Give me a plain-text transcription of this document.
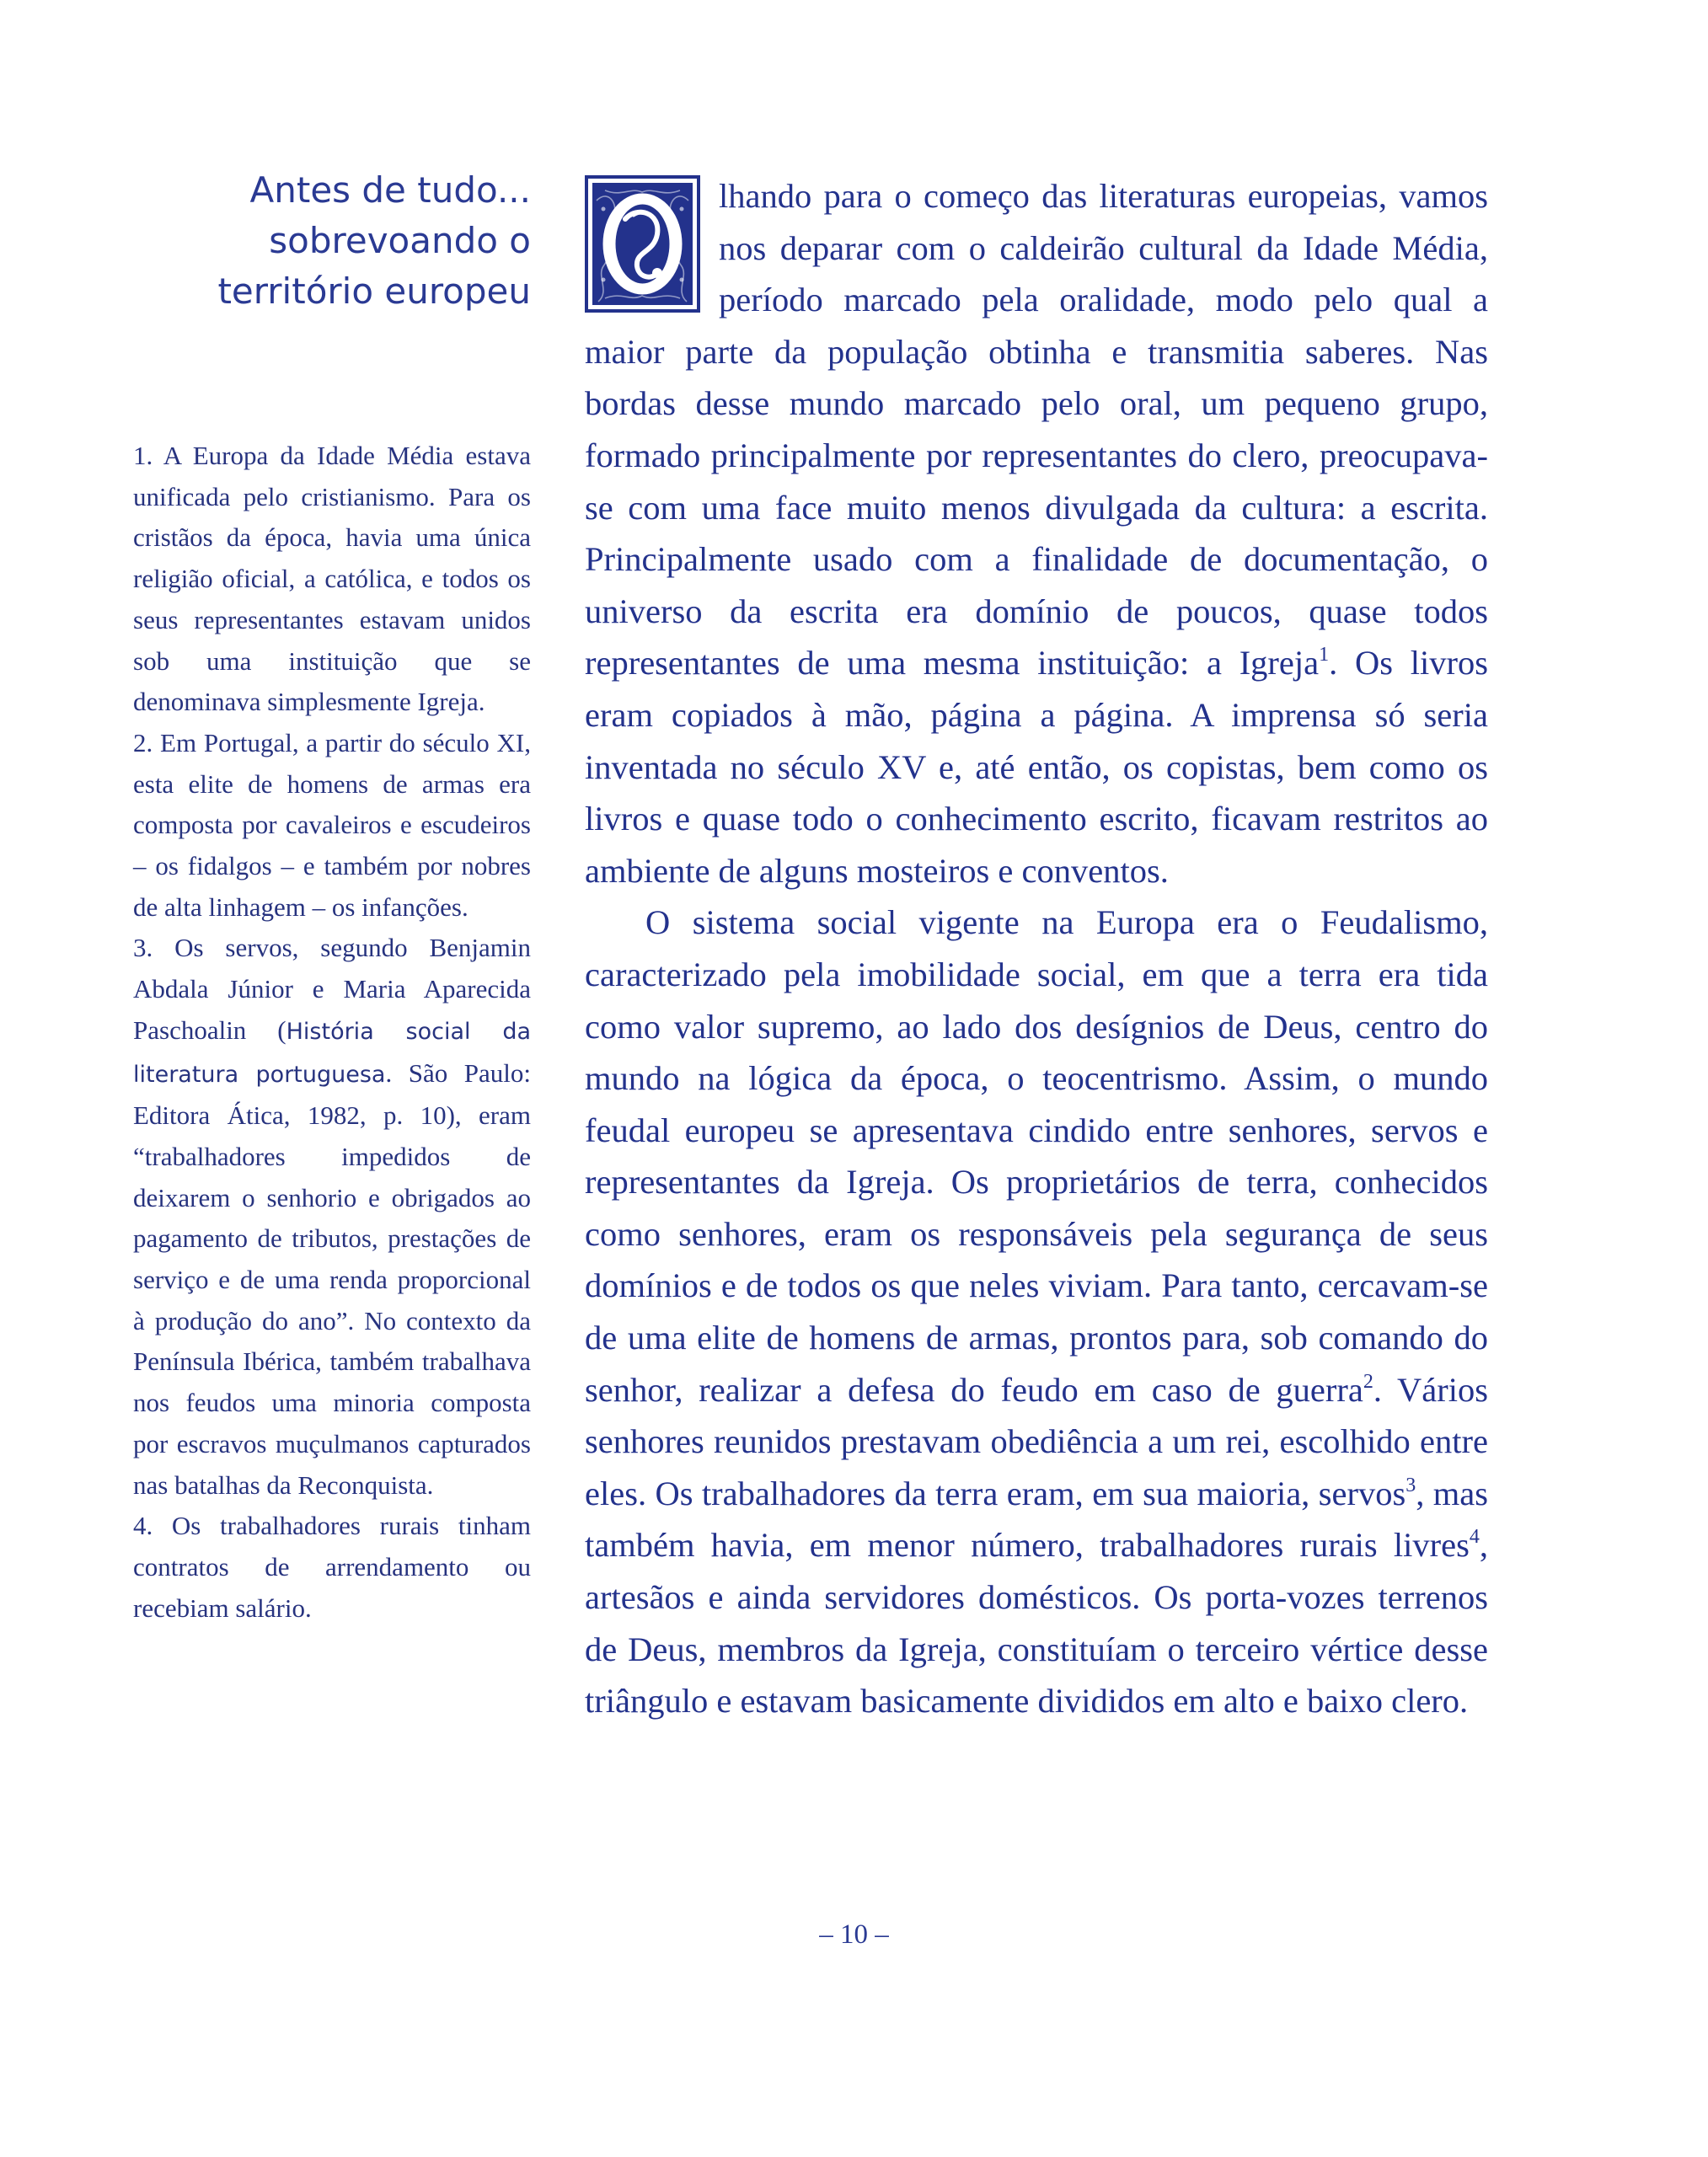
Antes de tudo...
sobrevoando o
território europeu

1. A Europa da Idade Média estava unificada pelo cristianismo. Para os cristãos da época, havia uma única religião oficial, a católica, e todos os seus representantes estavam unidos sob uma instituição que se denominava simplesmente Igreja.

2. Em Portugal, a partir do século XI, esta elite de homens de armas era composta por cavaleiros e escudeiros – os fidalgos – e também por nobres de alta linhagem – os infanções.

3. Os servos, segundo Benjamin Abdala Júnior e Maria Aparecida Paschoalin (História social da literatura portuguesa. São Paulo: Editora Ática, 1982, p. 10), eram “trabalhadores impedidos de deixarem o senhorio e obrigados ao pagamento de tributos, prestações de serviço e de uma renda proporcional à produção do ano”. No contexto da Península Ibérica, também trabalhava nos feudos uma minoria composta por escravos muçulmanos capturados nas batalhas da Reconquista.

4. Os trabalhadores rurais tinham contratos de arrendamento ou recebiam salário.

lhando para o começo das literaturas europeias, vamos nos deparar com o caldeirão cultural da Idade Média, período marcado pela oralidade, modo pelo qual a maior parte da população obtinha e transmitia saberes. Nas bordas desse mundo marcado pelo oral, um pequeno grupo, formado principalmente por representantes do clero, preocupava-se com uma face muito menos divulgada da cultura: a escrita. Principalmente usado com a finalidade de documentação, o universo da escrita era domínio de poucos, quase todos representantes de uma mesma instituição: a Igreja$^1$. Os livros eram copiados à mão, página a página. A imprensa só seria inventada no século XV e, até então, os copistas, bem como os livros e quase todo o conhecimento escrito, ficavam restritos ao ambiente de alguns mosteiros e conventos.

O sistema social vigente na Europa era o Feudalismo, caracterizado pela imobilidade social, em que a terra era tida como valor supremo, ao lado dos desígnios de Deus, centro do mundo na lógica da época, o teocentrismo. Assim, o mundo feudal europeu se apresentava cindido entre senhores, servos e representantes da Igreja. Os proprietários de terra, conhecidos como senhores, eram os responsáveis pela segurança de seus domínios e de todos os que neles viviam. Para tanto, cercavam-se de uma elite de homens de armas, prontos para, sob comando do senhor, realizar a defesa do feudo em caso de guerra$^2$. Vários senhores reunidos prestavam obediência a um rei, escolhido entre eles. Os trabalhadores da terra eram, em sua maioria, servos$^3$, mas também havia, em menor número, trabalhadores rurais livres$^4$, artesãos e ainda servidores domésticos. Os porta-vozes terrenos de Deus, membros da Igreja, constituíam o terceiro vértice desse triângulo e estavam basicamente divididos em alto e baixo clero.

– 10 –
